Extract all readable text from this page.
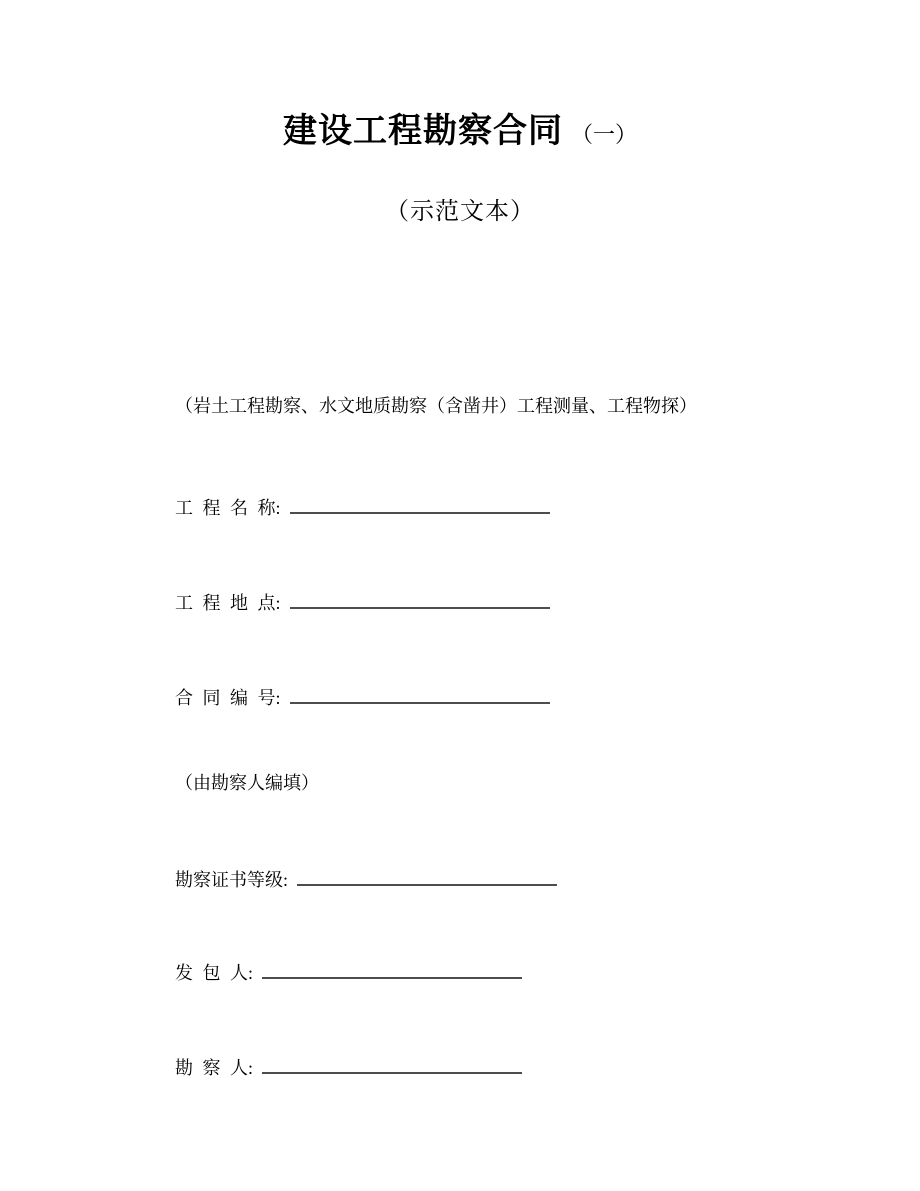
建设工程勘察合同 （一）
（示范文本）
（岩土工程勘察、水文地质勘察（含凿井）工程测量、工程物探）
工 程 名 称:
工 程 地 点:
合 同 编 号:
（由勘察人编填）
勘察证书等级:
发 包 人:
勘 察 人:
